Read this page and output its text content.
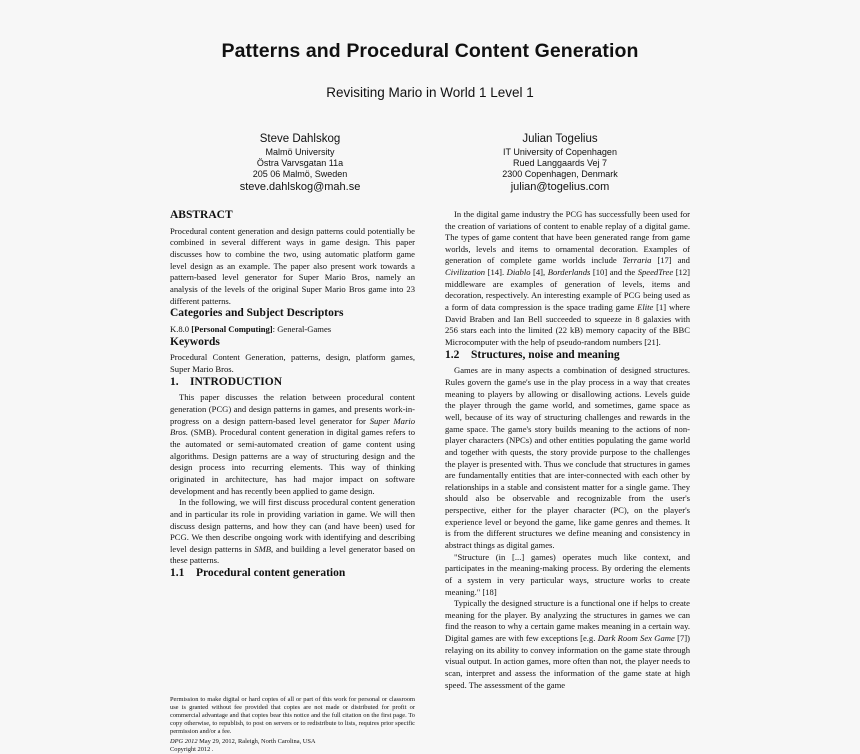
Patterns and Procedural Content Generation
Revisiting Mario in World 1 Level 1
Steve Dahlskog
Malmö University
Östra Varvsgatan 11a
205 06 Malmö, Sweden
steve.dahlskog@mah.se
Julian Togelius
IT University of Copenhagen
Rued Langgaards Vej 7
2300 Copenhagen, Denmark
julian@togelius.com
ABSTRACT

Procedural content generation and design patterns could potentially be combined in several different ways in game design. This paper discusses how to combine the two, using automatic platform game level design as an example. The paper also present work towards a pattern-based level generator for Super Mario Bros, namely an analysis of the levels of the original Super Mario Bros game into 23 different patterns.

Categories and Subject Descriptors

K.8.0 [Personal Computing]: General-Games

Keywords

Procedural Content Generation, patterns, design, platform games, Super Mario Bros.

1. INTRODUCTION

This paper discusses the relation between procedural content generation (PCG) and design patterns in games, and presents work-in-progress on a design pattern-based level generator for Super Mario Bros. (SMB). Procedural content generation in digital games refers to the automated or semi-automated creation of game content using algorithms. Design patterns are a way of structuring design and the design process into recurring elements. This way of thinking originated in architecture, has had major impact on software development and has recently been applied to game design.

In the following, we will first discuss procedural content generation and in particular its role in providing variation in game. We will then discuss design patterns, and how they can (and have been) used for PCG. We then describe ongoing work with identifying and describing level design patterns in SMB, and building a level generator based on these patterns.

1.1 Procedural content generation

Permission to make digital or hard copies of all or part of this work for personal or classroom use is granted without fee provided that copies are not made or distributed for profit or commercial advantage and that copies bear this notice and the full citation on the first page. To copy otherwise, to republish, to post on servers or to redistribute to lists, requires prior specific permission and/or a fee.

DPG 2012 May 29, 2012, Raleigh, North Carolina, USA

Copyright 2012 .

In the digital game industry the PCG has successfully been used for the creation of variations of content to enable replay of a digital game. The types of game content that have been generated range from game worlds, levels and items to ornamental decoration. Examples of generation of complete game worlds include Terraria [17] and Civilization [14]. Diablo [4], Borderlands [10] and the SpeedTree [12] middleware are examples of generation of levels, items and decoration, respectively. An interesting example of PCG being used as a form of data compression is the space trading game Elite [1] where David Braben and Ian Bell succeeded to squeeze in 8 galaxies with 256 stars each into the limited (22 kB) memory capacity of the BBC Microcomputer with the help of pseudo-random numbers [21].

1.2 Structures, noise and meaning

Games are in many aspects a combination of designed structures. Rules govern the game's use in the play process in a way that creates meaning to players by allowing or disallowing actions. Levels guide the player through the game world, and sometimes, game space as well, because of its way of structuring challenges and rewards in the game space. The game's story builds meaning to the actions of non-player characters (NPCs) and other entities populating the game world and together with quests, the story provide purpose to the challenges the player is presented with. Thus we conclude that structures in games are fundamentally entities that are inter-connected with each other by relationships in a stable and consistent matter for a single game. They should also be observable and recognizable from the user's perspective, either for the player character (PC), on the player's experience level or beyond the game, like game genres and themes. It is from the different structures we define meaning and consistency in abstract things as digital games.

"Structure (in [...] games) operates much like context, and participates in the meaning-making process. By ordering the elements of a system in very particular ways, structure works to create meaning." [18]

Typically the designed structure is a functional one if helps to create meaning for the player. By analyzing the structures in games we can find the reason to why a certain game makes meaning in a certain way. Digital games are with few exceptions [e.g. Dark Room Sex Game [7]) relaying on its ability to convey information on the game state through visual output. In action games, more often than not, the player needs to scan, interpret and assess the information of the game state at high speed. The assessment of the game
